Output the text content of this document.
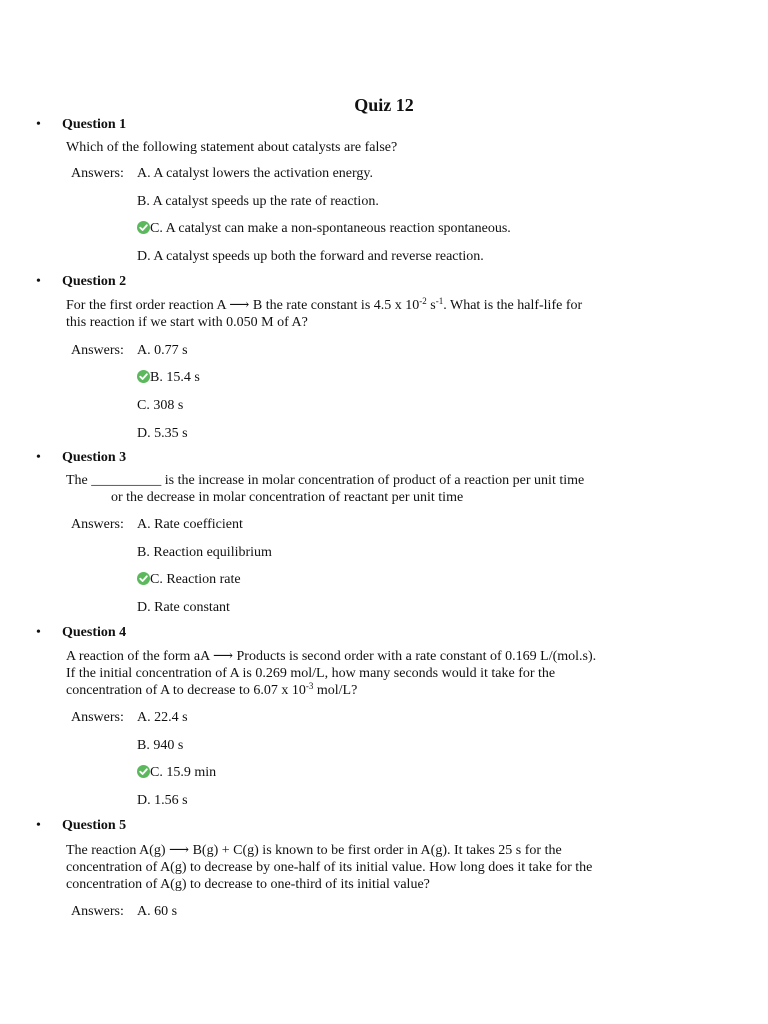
Quiz 12
• Question 1
Which of the following statement about catalysts are false?
Answers: A. A catalyst lowers the activation energy.
B. A catalyst speeds up the rate of reaction.
C. A catalyst can make a non-spontaneous reaction spontaneous.
D. A catalyst speeds up both the forward and reverse reaction.
• Question 2
For the first order reaction A ⟶ B the rate constant is 4.5 x $10^{-2}$ $s^{-1}$. What is the half-life for
this reaction if we start with 0.050 M of A?
Answers: A. 0.77 s
B. 15.4 s
C. 308 s
D. 5.35 s
• Question 3
The __________ is the increase in molar concentration of product of a reaction per unit time
or the decrease in molar concentration of reactant per unit time
Answers: A. Rate coefficient
B. Reaction equilibrium
C. Reaction rate
D. Rate constant
• Question 4
A reaction of the form aA ⟶ Products is second order with a rate constant of 0.169 L/(mol.s).
If the initial concentration of A is 0.269 mol/L, how many seconds would it take for the
concentration of A to decrease to 6.07 x $10^{-3}$ mol/L?
Answers: A. 22.4 s
B. 940 s
C. 15.9 min
D. 1.56 s
• Question 5
The reaction A(g) ⟶ B(g) + C(g) is known to be first order in A(g). It takes 25 s for the
concentration of A(g) to decrease by one-half of its initial value. How long does it take for the
concentration of A(g) to decrease to one-third of its initial value?
Answers: A. 60 s
